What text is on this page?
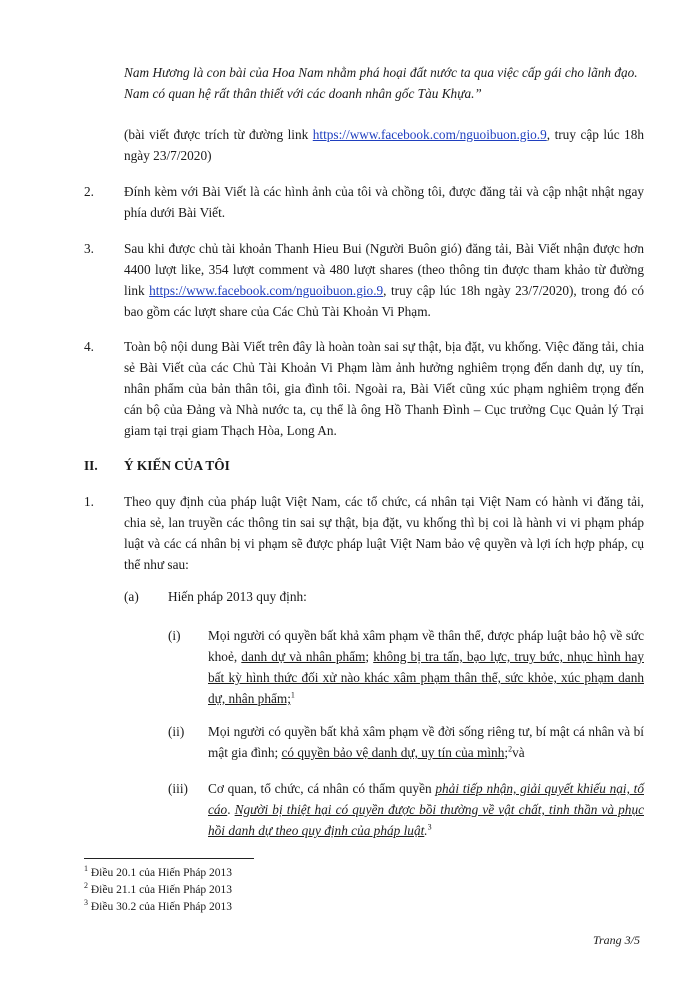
Nam Hương là con bài của Hoa Nam nhằm phá hoại đất nước ta qua việc cấp gái cho lãnh đạo.
Nam có quan hệ rất thân thiết với các doanh nhân gốc Tàu Khựa.”

(bài viết được trích từ đường link https://www.facebook.com/nguoibuon.gio.9, truy cập lúc 18h ngày 23/7/2020)

2. Đính kèm với Bài Viết là các hình ảnh của tôi và chồng tôi, được đăng tải và cập nhật nhật ngay phía dưới Bài Viết.

3. Sau khi được chủ tài khoản Thanh Hieu Bui (Người Buôn gió) đăng tải, Bài Viết nhận được hơn 4400 lượt like, 354 lượt comment và 480 lượt shares (theo thông tin được tham khảo từ đường link https://www.facebook.com/nguoibuon.gio.9, truy cập lúc 18h ngày 23/7/2020), trong đó có bao gồm các lượt share của Các Chủ Tài Khoản Vi Phạm.

4. Toàn bộ nội dung Bài Viết trên đây là hoàn toàn sai sự thật, bịa đặt, vu khống. Việc đăng tải, chia sẻ Bài Viết của các Chủ Tài Khoản Vi Phạm làm ảnh hưởng nghiêm trọng đến danh dự, uy tín, nhân phẩm của bản thân tôi, gia đình tôi. Ngoài ra, Bài Viết cũng xúc phạm nghiêm trọng đến cán bộ của Đảng và Nhà nước ta, cụ thể là ông Hồ Thanh Đình – Cục trưởng Cục Quản lý Trại giam tại trại giam Thạch Hòa, Long An.

II. Ý KIẾN CỦA TÔI
1. Theo quy định của pháp luật Việt Nam, các tổ chức, cá nhân tại Việt Nam có hành vi đăng tải, chia sẻ, lan truyền các thông tin sai sự thật, bịa đặt, vu khống thì bị coi là hành vi vi phạm pháp luật và các cá nhân bị vi phạm sẽ được pháp luật Việt Nam bảo vệ quyền và lợi ích hợp pháp, cụ thể như sau:

(a) Hiến pháp 2013 quy định:
(i) Mọi người có quyền bất khả xâm phạm về thân thể, được pháp luật bảo hộ về sức khoẻ, danh dự và nhân phẩm; không bị tra tấn, bạo lực, truy bức, nhục hình hay bất kỳ hình thức đối xử nào khác xâm phạm thân thể, sức khỏe, xúc phạm danh dự, nhân phẩm;$^1$

(ii) Mọi người có quyền bất khả xâm phạm về đời sống riêng tư, bí mật cá nhân và bí mật gia đình; có quyền bảo vệ danh dự, uy tín của mình;$^2$và

(iii) Cơ quan, tổ chức, cá nhân có thẩm quyền phải tiếp nhận, giải quyết khiếu nại, tố cáo. Người bị thiệt hại có quyền được bồi thường về vật chất, tinh thần và phục hồi danh dự theo quy định của pháp luật.$^3$

$^1$ Điều 20.1 của Hiến Pháp 2013
$^2$ Điều 21.1 của Hiến Pháp 2013
$^3$ Điều 30.2 của Hiến Pháp 2013
Trang 3/5
